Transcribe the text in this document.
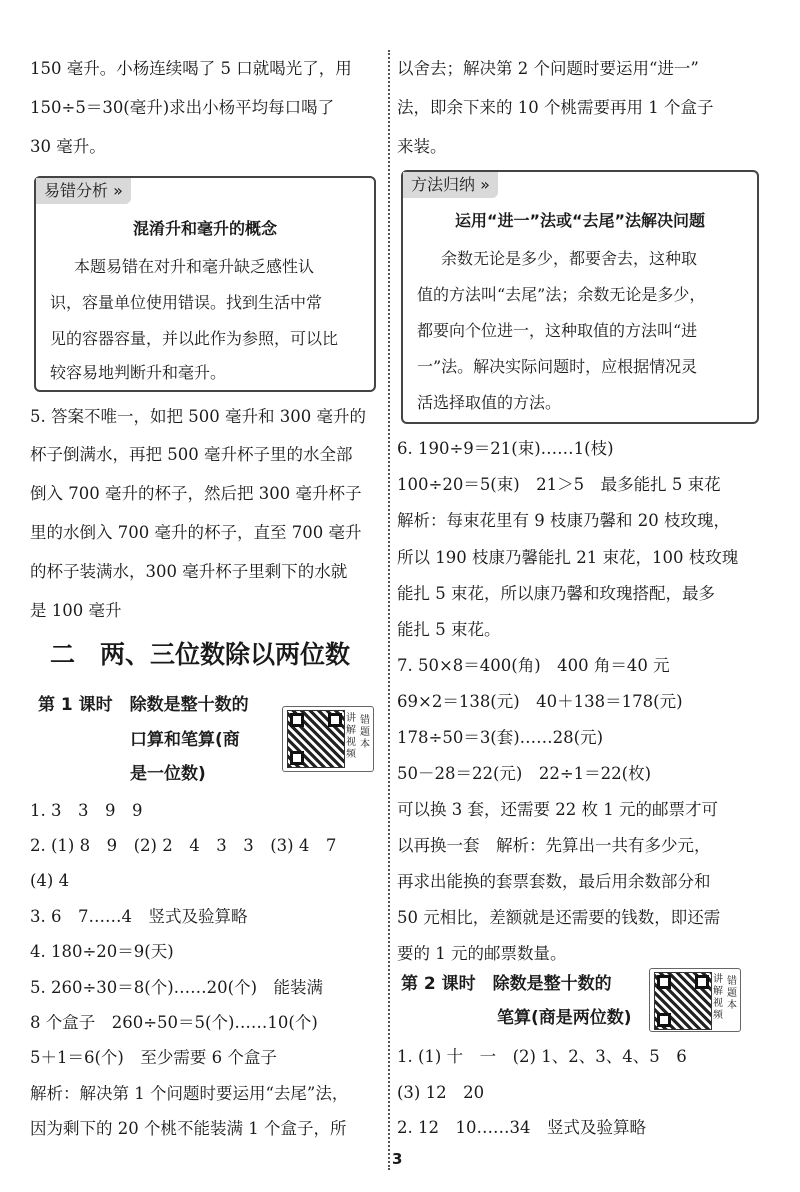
150 毫升。小杨连续喝了 5 口就喝光了，用
150÷5＝30(毫升)求出小杨平均每口喝了
30 毫升。
易错分析 »
混淆升和毫升的概念
本题易错在对升和毫升缺乏感性认
识，容量单位使用错误。找到生活中常
见的容器容量，并以此作为参照，可以比
较容易地判断升和毫升。
5. 答案不唯一，如把 500 毫升和 300 毫升的
杯子倒满水，再把 500 毫升杯子里的水全部
倒入 700 毫升的杯子，然后把 300 毫升杯子
里的水倒入 700 毫升的杯子，直至 700 毫升
的杯子装满水，300 毫升杯子里剩下的水就
是 100 毫升
二　两、三位数除以两位数
第 1 课时　除数是整十数的
口算和笔算(商
是一位数)
讲
解
视
频
错
题
本
1. 3　3　9　9
2. (1) 8　9　(2) 2　4　3　3　(3) 4　7
(4) 4
3. 6　7……4　竖式及验算略
4. 180÷20＝9(天)
5. 260÷30＝8(个)……20(个)　能装满
8 个盒子　260÷50＝5(个)……10(个)
5＋1＝6(个)　至少需要 6 个盒子
解析：解决第 1 个问题时要运用“去尾”法，
因为剩下的 20 个桃不能装满 1 个盒子，所
以舍去；解决第 2 个问题时要运用“进一”
法，即余下来的 10 个桃需要再用 1 个盒子
来装。
方法归纳 »
运用“进一”法或“去尾”法解决问题
余数无论是多少，都要舍去，这种取
值的方法叫“去尾”法；余数无论是多少，
都要向个位进一，这种取值的方法叫“进
一”法。解决实际问题时，应根据情况灵
活选择取值的方法。
6. 190÷9＝21(束)……1(枝)
100÷20＝5(束)　21＞5　最多能扎 5 束花
解析：每束花里有 9 枝康乃馨和 20 枝玫瑰，
所以 190 枝康乃馨能扎 21 束花，100 枝玫瑰
能扎 5 束花，所以康乃馨和玫瑰搭配，最多
能扎 5 束花。
7. 50×8＝400(角)　400 角＝40 元
69×2＝138(元)　40＋138＝178(元)
178÷50＝3(套)……28(元)
50－28＝22(元)　22÷1＝22(枚)
可以换 3 套，还需要 22 枚 1 元的邮票才可
以再换一套　解析：先算出一共有多少元，
再求出能换的套票套数，最后用余数部分和
50 元相比，差额就是还需要的钱数，即还需
要的 1 元的邮票数量。
第 2 课时　除数是整十数的
笔算(商是两位数)
讲
解
视
频
错
题
本
1. (1) 十　一　(2) 1、2、3、4、5　6
(3) 12　20
2. 12　10……34　竖式及验算略
3
